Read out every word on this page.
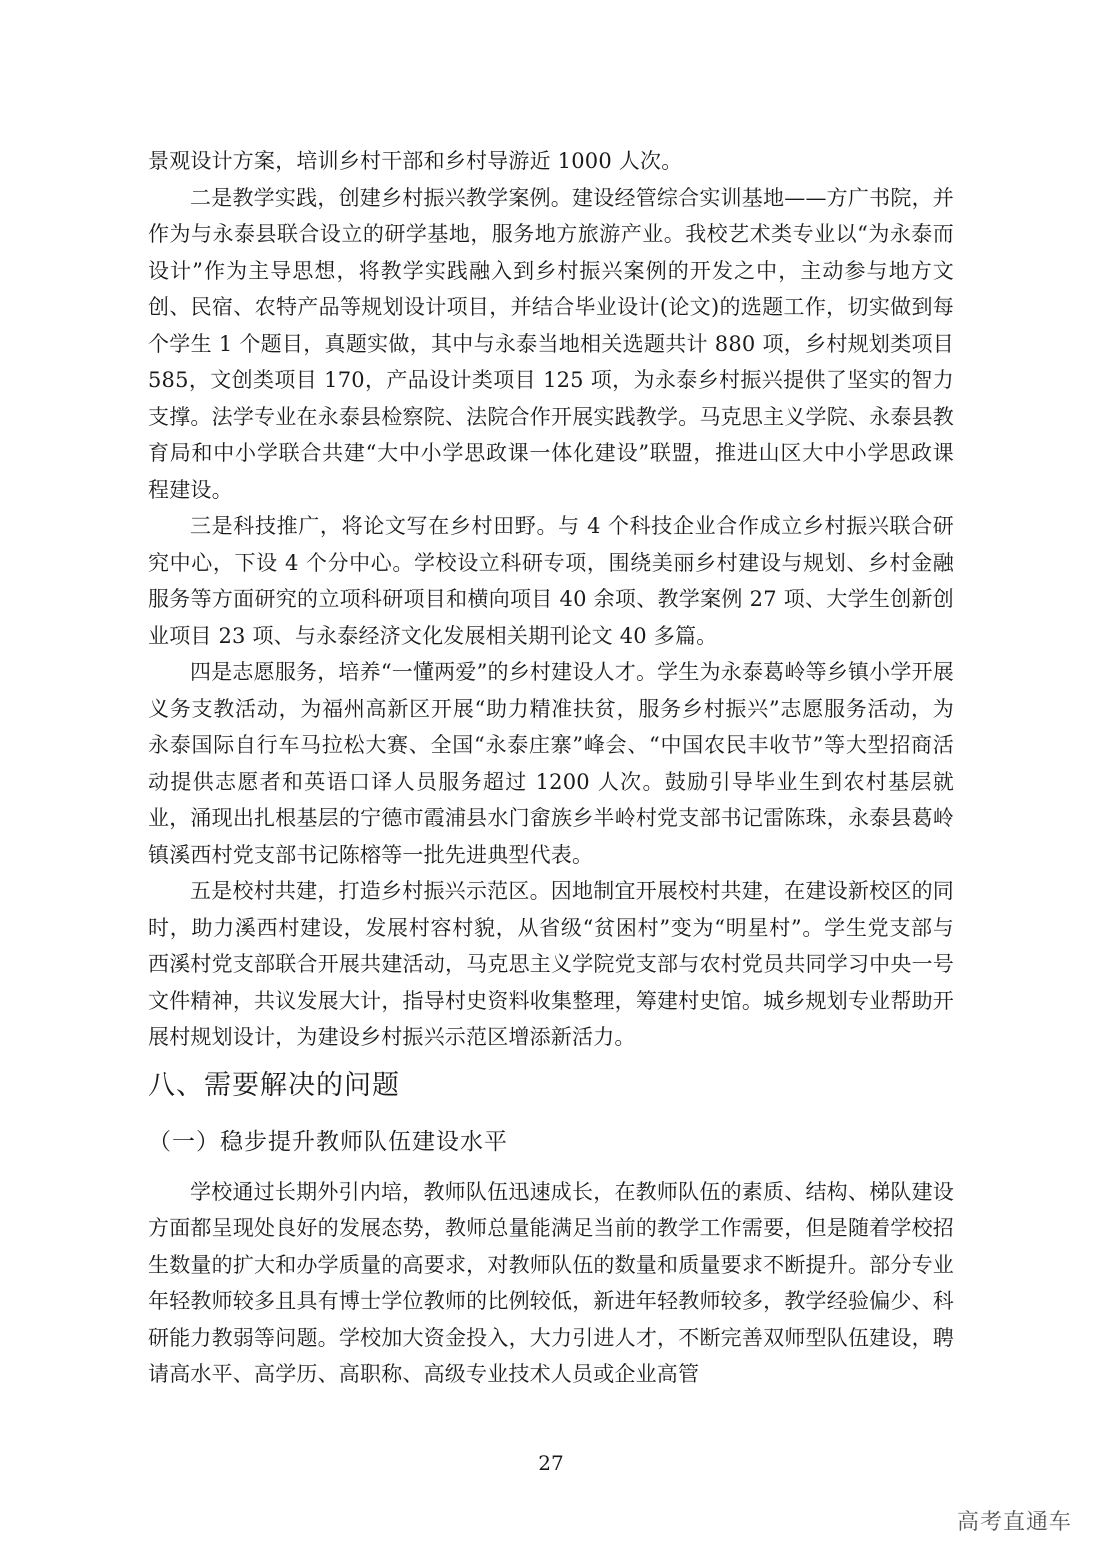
景观设计方案，培训乡村干部和乡村导游近 1000 人次。

二是教学实践，创建乡村振兴教学案例。建设经管综合实训基地——方广书院，并作为与永泰县联合设立的研学基地，服务地方旅游产业。我校艺术类专业以“为永泰而设计”作为主导思想，将教学实践融入到乡村振兴案例的开发之中，主动参与地方文创、民宿、农特产品等规划设计项目，并结合毕业设计(论文)的选题工作，切实做到每个学生 1 个题目，真题实做，其中与永泰当地相关选题共计 880 项，乡村规划类项目 585，文创类项目 170，产品设计类项目 125 项，为永泰乡村振兴提供了坚实的智力支撑。法学专业在永泰县检察院、法院合作开展实践教学。马克思主义学院、永泰县教育局和中小学联合共建“大中小学思政课一体化建设”联盟，推进山区大中小学思政课程建设。

三是科技推广，将论文写在乡村田野。与 4 个科技企业合作成立乡村振兴联合研究中心，下设 4 个分中心。学校设立科研专项，围绕美丽乡村建设与规划、乡村金融服务等方面研究的立项科研项目和横向项目 40 余项、教学案例 27 项、大学生创新创业项目 23 项、与永泰经济文化发展相关期刊论文 40 多篇。

四是志愿服务，培养“一懂两爱”的乡村建设人才。学生为永泰葛岭等乡镇小学开展义务支教活动，为福州高新区开展“助力精准扶贫，服务乡村振兴”志愿服务活动，为永泰国际自行车马拉松大赛、全国“永泰庄寨”峰会、“中国农民丰收节”等大型招商活动提供志愿者和英语口译人员服务超过 1200 人次。鼓励引导毕业生到农村基层就业，涌现出扎根基层的宁德市霞浦县水门畲族乡半岭村党支部书记雷陈珠，永泰县葛岭镇溪西村党支部书记陈榕等一批先进典型代表。

五是校村共建，打造乡村振兴示范区。因地制宜开展校村共建，在建设新校区的同时，助力溪西村建设，发展村容村貌，从省级“贫困村”变为“明星村”。学生党支部与西溪村党支部联合开展共建活动，马克思主义学院党支部与农村党员共同学习中央一号文件精神，共议发展大计，指导村史资料收集整理，筹建村史馆。城乡规划专业帮助开展村规划设计，为建设乡村振兴示范区增添新活力。

八、需要解决的问题
（一）稳步提升教师队伍建设水平

学校通过长期外引内培，教师队伍迅速成长，在教师队伍的素质、结构、梯队建设方面都呈现处良好的发展态势，教师总量能满足当前的教学工作需要，但是随着学校招生数量的扩大和办学质量的高要求，对教师队伍的数量和质量要求不断提升。部分专业年轻教师较多且具有博士学位教师的比例较低，新进年轻教师较多，教学经验偏少、科研能力教弱等问题。学校加大资金投入，大力引进人才，不断完善双师型队伍建设，聘请高水平、高学历、高职称、高级专业技术人员或企业高管

27
高考直通车
